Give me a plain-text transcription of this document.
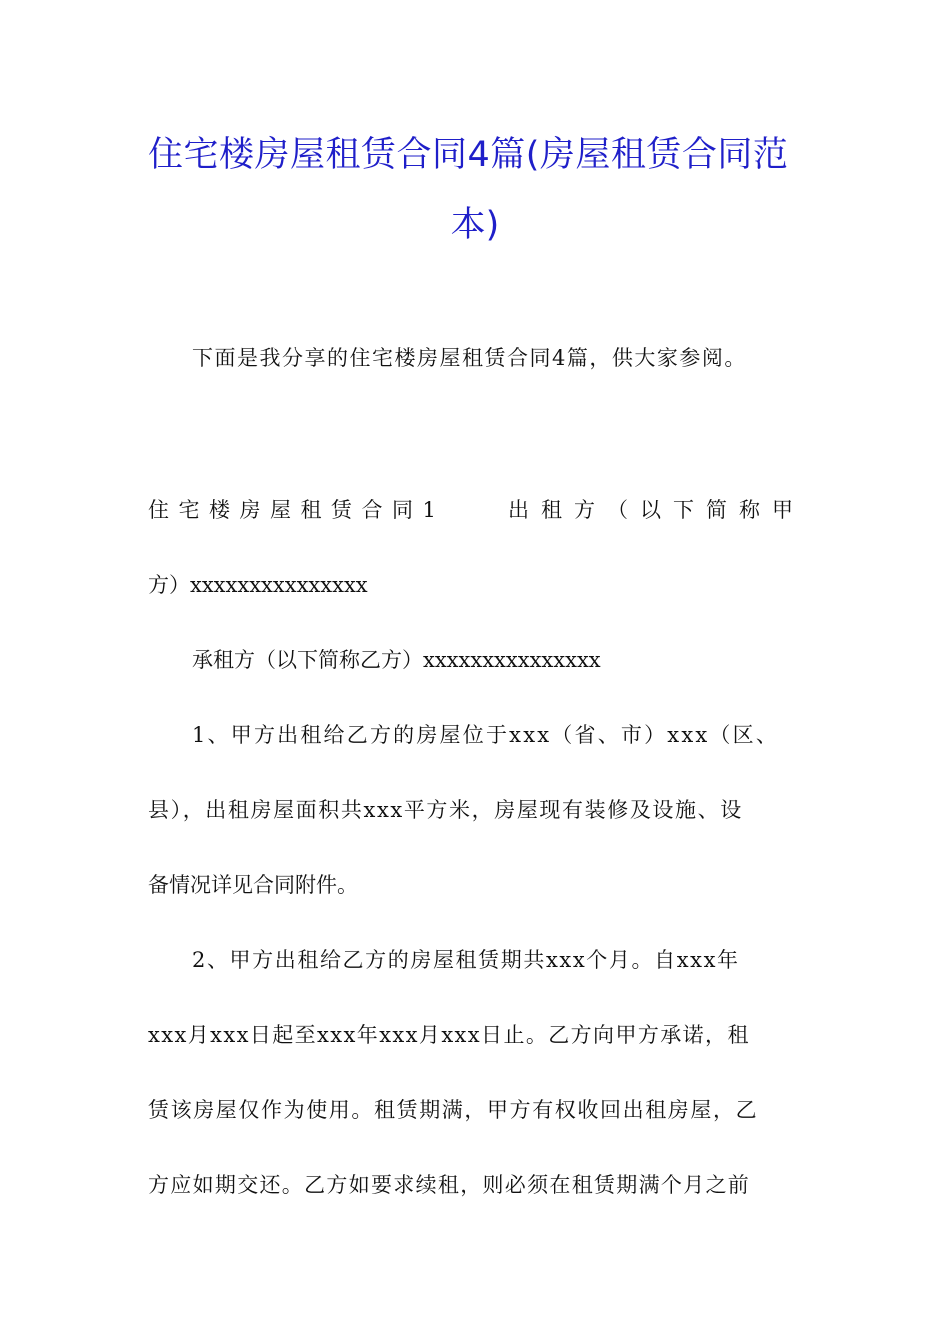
住宅楼房屋租赁合同4篇(房屋租赁合同范
本)
下面是我分享的住宅楼房屋租赁合同4篇，供大家参阅。
住宅楼房屋租赁合同1	出租方（以下简称甲
方）xxxxxxxxxxxxxxx
承租方（以下简称乙方）xxxxxxxxxxxxxxx
1、甲方出租给乙方的房屋位于xxx（省、市）xxx（区、
县），出租房屋面积共xxx平方米，房屋现有装修及设施、设
备情况详见合同附件。
2、甲方出租给乙方的房屋租赁期共xxx个月。自xxx年
xxx月xxx日起至xxx年xxx月xxx日止。乙方向甲方承诺，租
赁该房屋仅作为使用。租赁期满，甲方有权收回出租房屋，乙
方应如期交还。乙方如要求续租，则必须在租赁期满个月之前
